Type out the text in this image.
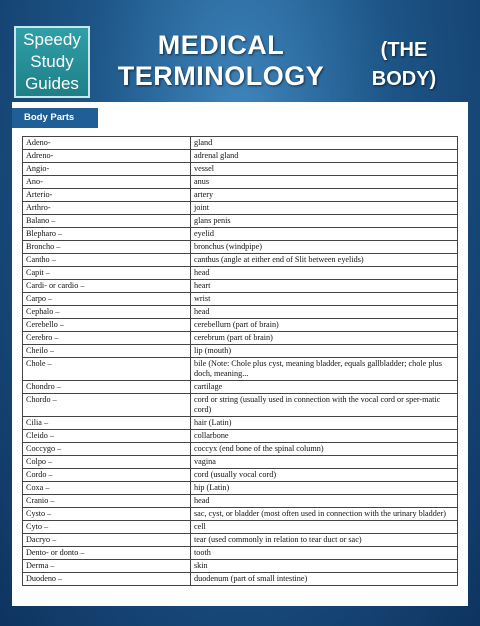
Speedy
Study
Guides
MEDICAL
TERMINOLOGY
(THE
BODY)
Body Parts
Adeno-	gland
Adreno-	adrenal gland
Angio-	vessel
Ano-	anus
Arterio-	artery
Arthro-	joint
Balano –	glans penis
Blepharo –	eyelid
Broncho –	bronchus (windpipe)
Cantho –	canthus (angle at either end of Slit between eyelids)
Capit –	head
Cardi- or cardio –	heart
Carpo –	wrist
Cephalo –	head
Cerebello –	cerebellurn (part of brain)
Cerebro –	cerebrum (part of brain)
Cheilo –	lip (mouth)
Chole –	bile (Note: Chole plus cyst, meaning bladder, equals gallbladder; chole plus doch, meaning...
Chondro –	cartilage
Chordo –	cord or string (usually used in connection with the vocal cord or sper-matic cord)
Cilia –	hair (Latin)
Cleido –	collarbone
Coccygo –	coccyx (end bone of the spinal column)
Colpo –	vagina
Cordo –	cord (usually vocal cord)
Coxa –	hip (Latin)
Cranio –	head
Cysto –	sac, cyst, or bladder (most often used in connection with the urinary bladder)
Cyto –	cell
Dacryo –	tear (used commonly in relation to tear duct or sac)
Dento- or donto –	tooth
Derma –	skin
Duodeno –	duodenum (part of small intestine)
